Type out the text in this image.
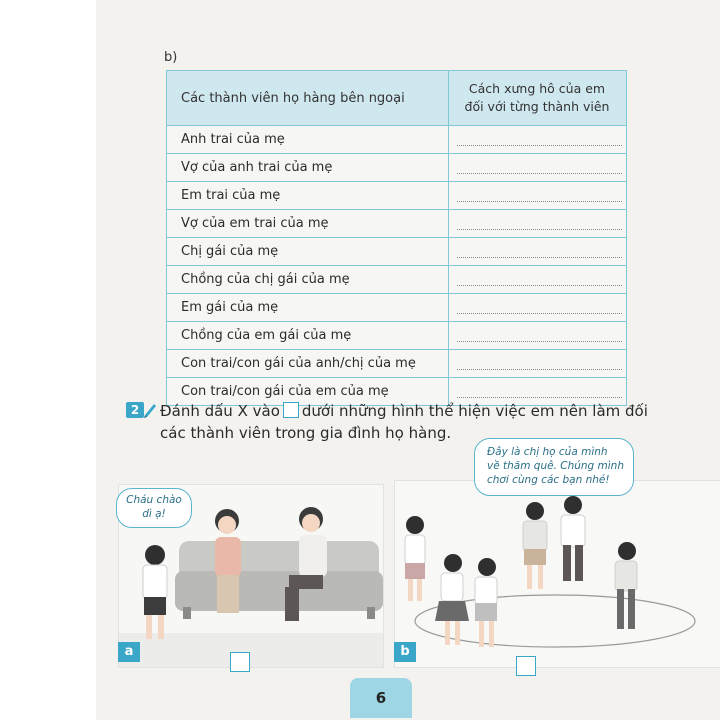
b)
Các thành viên họ hàng bên ngoại	Cách xưng hô của em
đối với từng thành viên
Anh trai của mẹ	

Vợ của anh trai của mẹ	

Em trai của mẹ	

Vợ của em trai của mẹ	

Chị gái của mẹ	

Chồng của chị gái của mẹ	

Em gái của mẹ	

Chồng của em gái của mẹ	

Con trai/con gái của anh/chị của mẹ	

Con trai/con gái của em của mẹ	
2	Đánh dấu X vào dưới những hình thể hiện việc em nên làm đối
các thành viên trong gia đình họ hàng.
Cháu chào
dì ạ!
a
Đây là chị họ của mình
về thăm quê. Chúng mình
chơi cùng các bạn nhé!
b
6
